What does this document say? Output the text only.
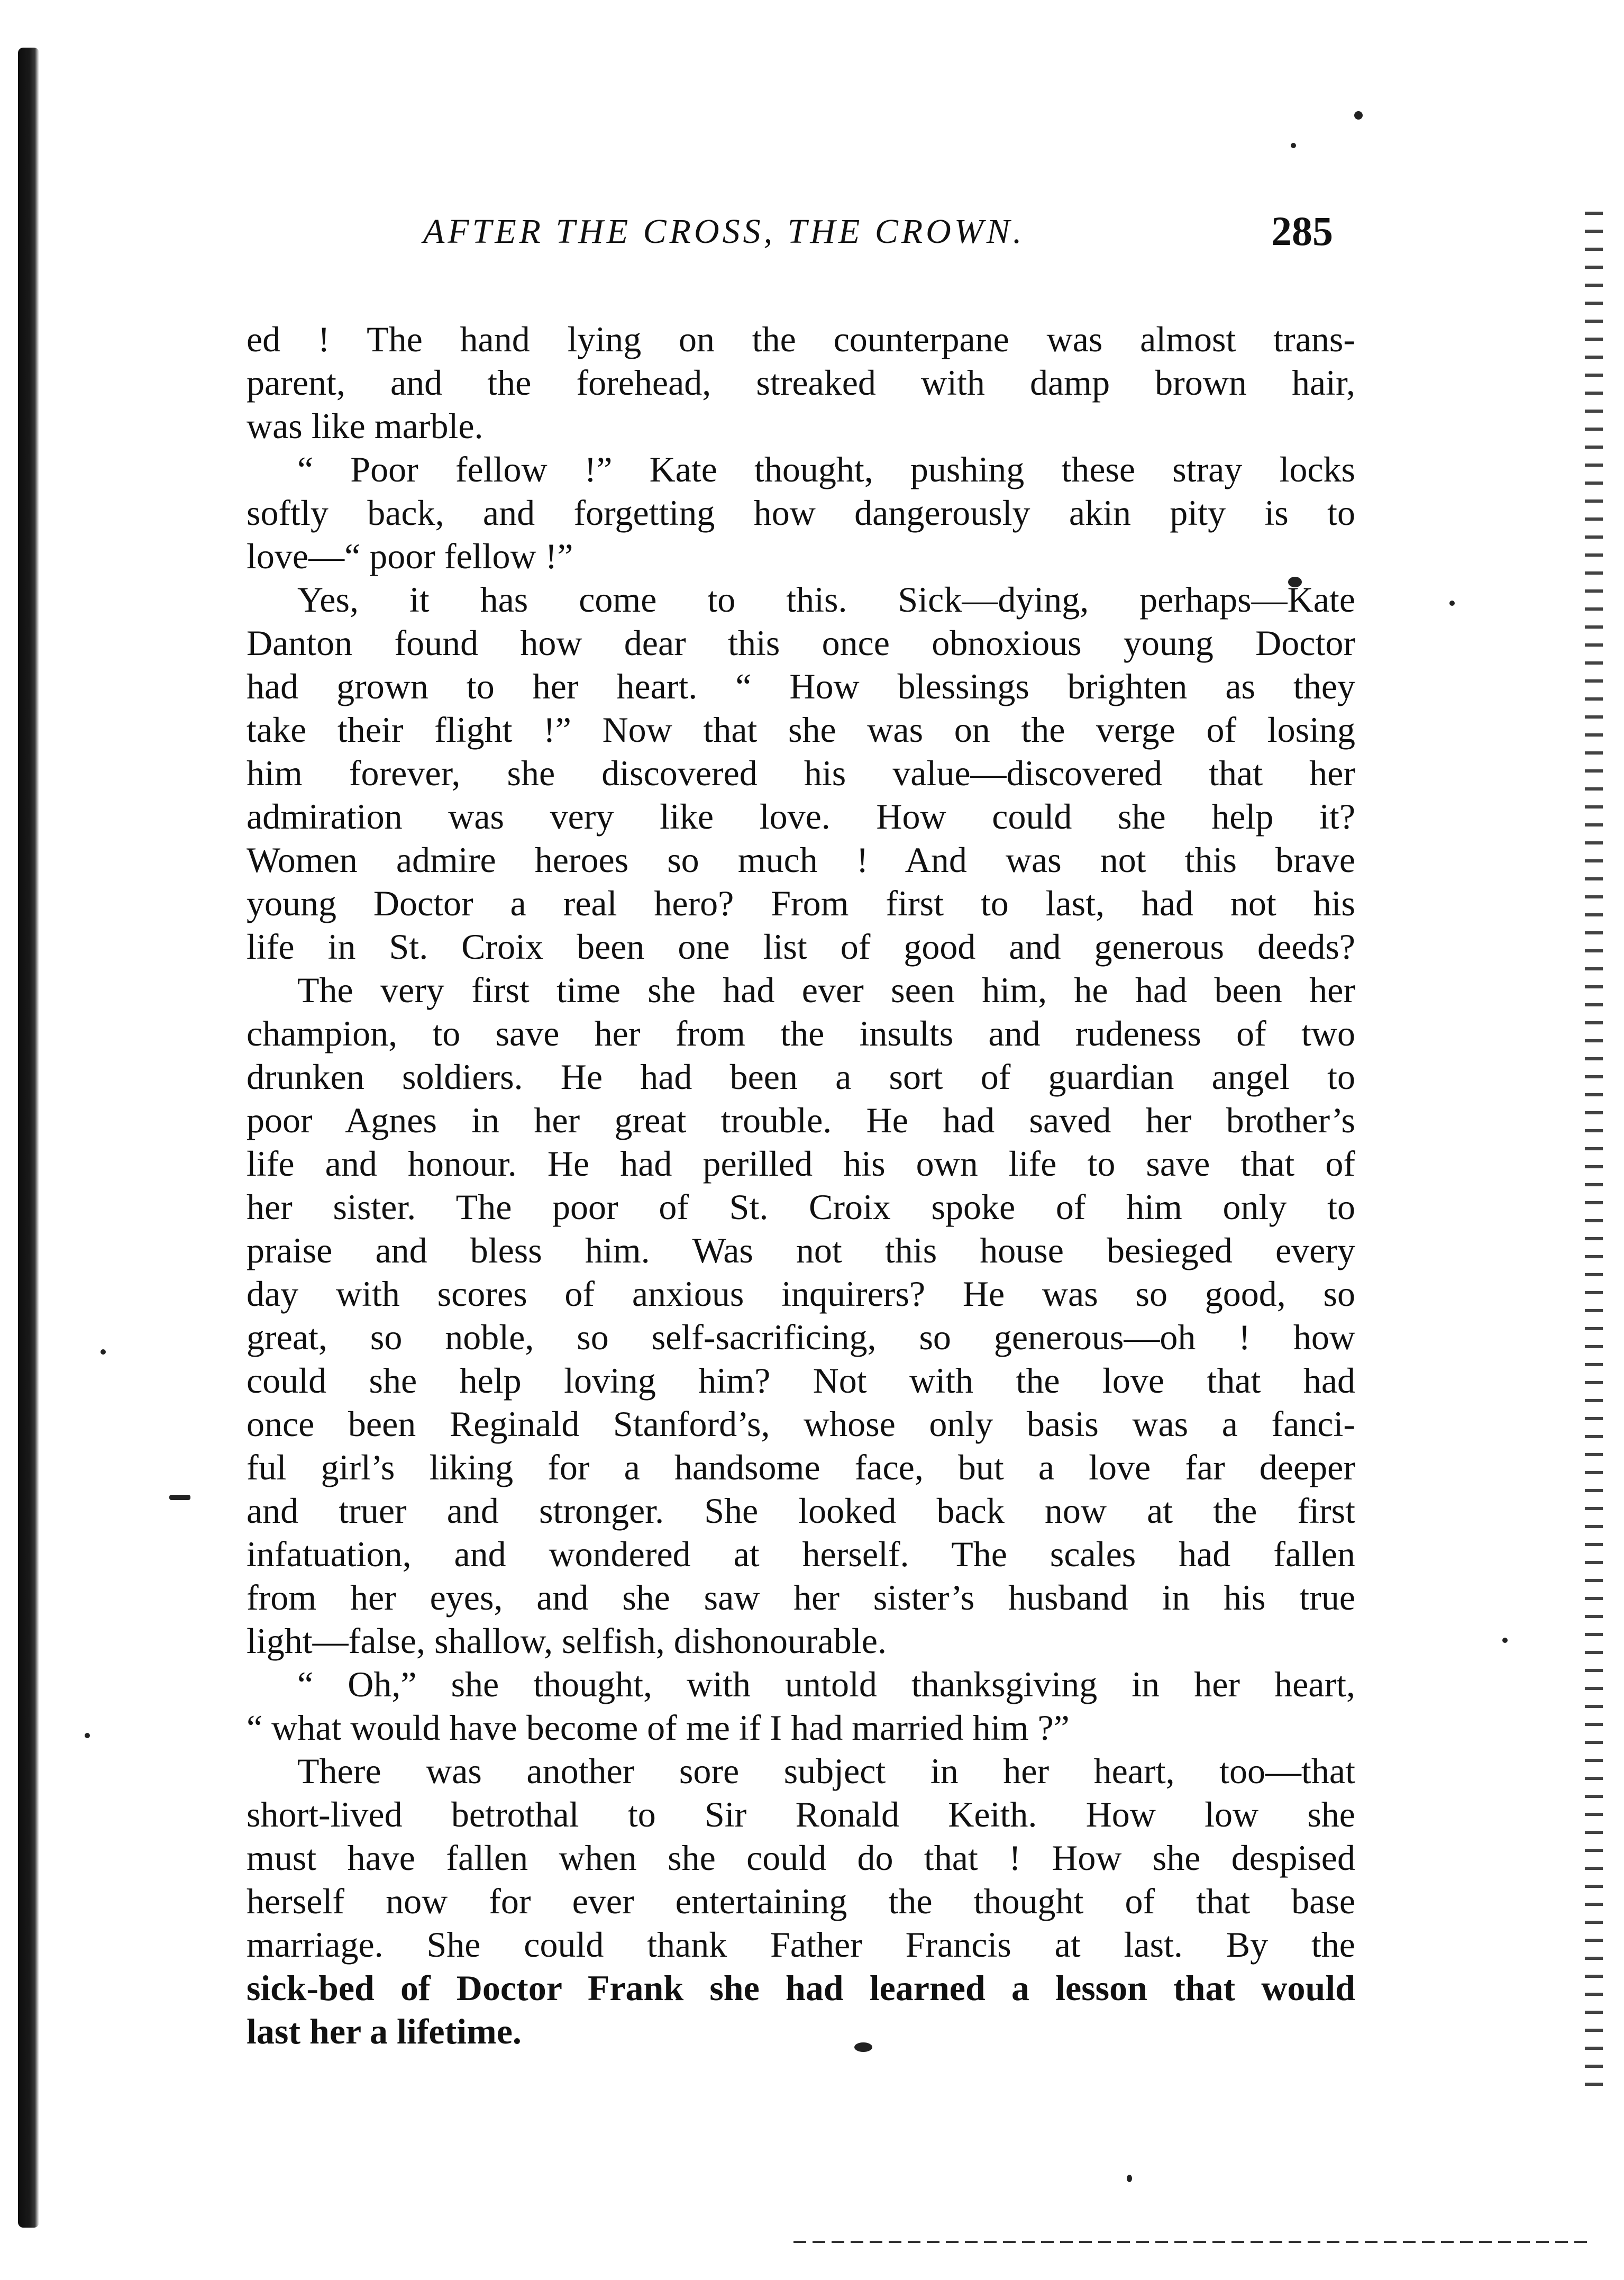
AFTER THE CROSS, THE CROWN.	285
ed ! The hand lying on the counterpane was almost trans-
parent, and the forehead, streaked with damp brown hair,
was like marble.
“ Poor fellow !” Kate thought, pushing these stray locks
softly back, and forgetting how dangerously akin pity is to
love—“ poor fellow !”
Yes, it has come to this. Sick—dying, perhaps—Kate
Danton found how dear this once obnoxious young Doctor
had grown to her heart. “ How blessings brighten as they
take their flight !” Now that she was on the verge of losing
him forever, she discovered his value—discovered that her
admiration was very like love. How could she help it?
Women admire heroes so much ! And was not this brave
young Doctor a real hero? From first to last, had not his
life in St. Croix been one list of good and generous deeds?
The very first time she had ever seen him, he had been her
champion, to save her from the insults and rudeness of two
drunken soldiers. He had been a sort of guardian angel to
poor Agnes in her great trouble. He had saved her brother’s
life and honour. He had perilled his own life to save that of
her sister. The poor of St. Croix spoke of him only to
praise and bless him. Was not this house besieged every
day with scores of anxious inquirers? He was so good, so
great, so noble, so self-sacrificing, so generous—oh ! how
could she help loving him? Not with the love that had
once been Reginald Stanford’s, whose only basis was a fanci-
ful girl’s liking for a handsome face, but a love far deeper
and truer and stronger. She looked back now at the first
infatuation, and wondered at herself. The scales had fallen
from her eyes, and she saw her sister’s husband in his true
light—false, shallow, selfish, dishonourable.
“ Oh,” she thought, with untold thanksgiving in her heart,
“ what would have become of me if I had married him ?”
There was another sore subject in her heart, too—that
short-lived betrothal to Sir Ronald Keith. How low she
must have fallen when she could do that ! How she despised
herself now for ever entertaining the thought of that base
marriage. She could thank Father Francis at last. By the
sick-bed of Doctor Frank she had learned a lesson that would
last her a lifetime.
